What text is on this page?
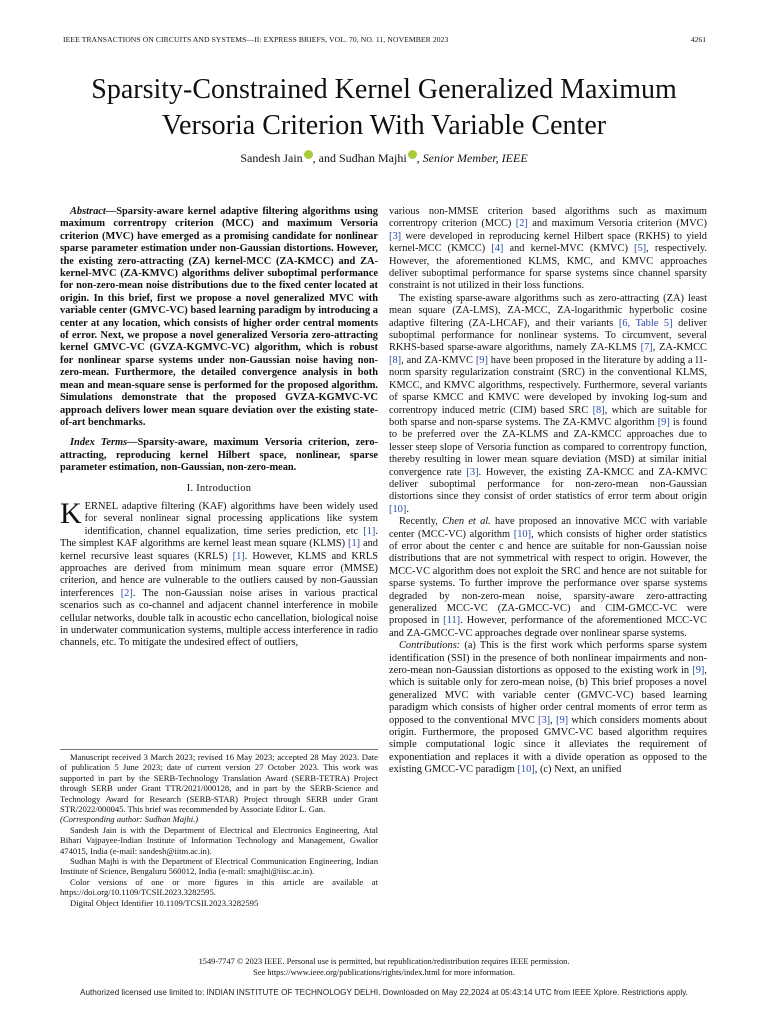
IEEE TRANSACTIONS ON CIRCUITS AND SYSTEMS—II: EXPRESS BRIEFS, VOL. 70, NO. 11, NOVEMBER 2023	4261
Sparsity-Constrained Kernel Generalized Maximum
Versoria Criterion With Variable Center
Sandesh Jain , and Sudhan Majhi , Senior Member, IEEE

Abstract—Sparsity-aware kernel adaptive filtering algorithms using maximum correntropy criterion (MCC) and maximum Versoria criterion (MVC) have emerged as a promising candidate for nonlinear sparse parameter estimation under non-Gaussian distortions. However, the existing zero-attracting (ZA) kernel-MCC (ZA-KMCC) and ZA-kernel-MVC (ZA-KMVC) algorithms deliver suboptimal performance for non-zero-mean noise distributions due to the fixed center located at origin. In this brief, first we propose a novel generalized MVC with variable center (GMVC-VC) based learning paradigm by introducing a center at any location, which consists of higher order central moments of error. Next, we propose a novel generalized Versoria zero-attracting kernel GMVC-VC (GVZA-KGMVC-VC) algorithm, which is robust for nonlinear sparse systems under non-Gaussian noise having non-zero-mean. Furthermore, the detailed convergence analysis in both mean and mean-square sense is performed for the proposed algorithm. Simulations demonstrate that the proposed GVZA-KGMVC-VC approach delivers lower mean square deviation over the existing state-of-art benchmarks.

Index Terms—Sparsity-aware, maximum Versoria criterion, zero-attracting, reproducing kernel Hilbert space, nonlinear, sparse parameter estimation, non-Gaussian, non-zero-mean.

I. Introduction

KERNEL adaptive filtering (KAF) algorithms have been widely used for several nonlinear signal processing applications like system identification, channel equalization, time series prediction, etc [1]. The simplest KAF algorithms are kernel least mean square (KLMS) [1] and kernel recursive least squares (KRLS) [1]. However, KLMS and KRLS approaches are derived from minimum mean square error (MMSE) criterion, and hence are vulnerable to the outliers caused by non-Gaussian interferences [2]. The non-Gaussian noise arises in various practical scenarios such as co-channel and adjacent channel interference in mobile cellular networks, double talk in acoustic echo cancellation, biological noise in underwater communication systems, multiple access interference in radio channels, etc. To mitigate the undesired effect of outliers,

Manuscript received 3 March 2023; revised 16 May 2023; accepted 28 May 2023. Date of publication 5 June 2023; date of current version 27 October 2023. This work was supported in part by the SERB-Technology Translation Award (SERB-TETRA) Project through SERB under Grant TTR/2021/000128, and in part by the SERB-Science and Technology Award for Research (SERB-STAR) Project through SERB under Grant STR/2022/000045. This brief was recommended by Associate Editor L. Gan.
(Corresponding author: Sudhan Majhi.)

Sandesh Jain is with the Department of Electrical and Electronics Engineering, Atal Bihari Vajpayee-Indian Institute of Information Technology and Management, Gwalior 474015, India (e-mail: sandesh@iitm.ac.in).

Sudhan Majhi is with the Department of Electrical Communication Engineering, Indian Institute of Science, Bengaluru 560012, India (e-mail: smajhi@iisc.ac.in).

Color versions of one or more figures in this article are available at https://doi.org/10.1109/TCSII.2023.3282595.

Digital Object Identifier 10.1109/TCSII.2023.3282595

various non-MMSE criterion based algorithms such as maximum correntropy criterion (MCC) [2] and maximum Versoria criterion (MVC) [3] were developed in reproducing kernel Hilbert space (RKHS) to yield kernel-MCC (KMCC) [4] and kernel-MVC (KMVC) [5], respectively. However, the aforementioned KLMS, KMC, and KMVC approaches deliver suboptimal performance for sparse systems since channel sparsity constraint is not utilized in their loss functions.

The existing sparse-aware algorithms such as zero-attracting (ZA) least mean square (ZA-LMS), ZA-MCC, ZA-logarithmic hyperbolic cosine adaptive filtering (ZA-LHCAF), and their variants [6, Table 5] deliver suboptimal performance for nonlinear systems. To circumvent, several RKHS-based sparse-aware algorithms, namely ZA-KLMS [7], ZA-KMCC [8], and ZA-KMVC [9] have been proposed in the literature by adding a l1-norm sparsity regularization constraint (SRC) in the conventional KLMS, KMCC, and KMVC algorithms, respectively. Furthermore, several variants of sparse KMCC and KMVC were developed by invoking log-sum and correntropy induced metric (CIM) based SRC [8], which are suitable for both sparse and non-sparse systems. The ZA-KMVC algorithm [9] is found to be preferred over the ZA-KLMS and ZA-KMCC approaches due to lesser steep slope of Versoria function as compared to correntropy function, thereby resulting in lower mean square deviation (MSD) at similar initial convergence rate [3]. However, the existing ZA-KMCC and ZA-KMVC deliver suboptimal performance for non-zero-mean non-Gaussian distortions since they consist of order statistics of error term about origin [10].

Recently, Chen et al. have proposed an innovative MCC with variable center (MCC-VC) algorithm [10], which consists of higher order statistics of error about the center c and hence are suitable for non-Gaussian noise distributions that are not symmetrical with respect to origin. However, the MCC-VC algorithm does not exploit the SRC and hence are not suitable for sparse systems. To further improve the performance over sparse systems degraded by non-zero-mean noise, sparsity-aware zero-attracting generalized MCC-VC (ZA-GMCC-VC) and CIM-GMCC-VC were proposed in [11]. However, performance of the aforementioned MCC-VC and ZA-GMCC-VC approaches degrade over nonlinear sparse systems.

Contributions: (a) This is the first work which performs sparse system identification (SSI) in the presence of both nonlinear impairments and non-zero-mean non-Gaussian distortions as opposed to the existing work in [9], which is suitable only for zero-mean noise, (b) This brief proposes a novel generalized MVC with variable center (GMVC-VC) based learning paradigm which consists of higher order central moments of error term as opposed to the conventional MVC [3], [9] which considers moments about origin. Furthermore, the proposed GMVC-VC based algorithm requires simple computational logic since it alleviates the requirement of exponentiation and replaces it with a divide operation as opposed to the existing GMCC-VC paradigm [10], (c) Next, an unified

1549-7747 © 2023 IEEE. Personal use is permitted, but republication/redistribution requires IEEE permission.
See https://www.ieee.org/publications/rights/index.html for more information.
Authorized licensed use limited to: INDIAN INSTITUTE OF TECHNOLOGY DELHI. Downloaded on May 22,2024 at 05:43:14 UTC from IEEE Xplore. Restrictions apply.
